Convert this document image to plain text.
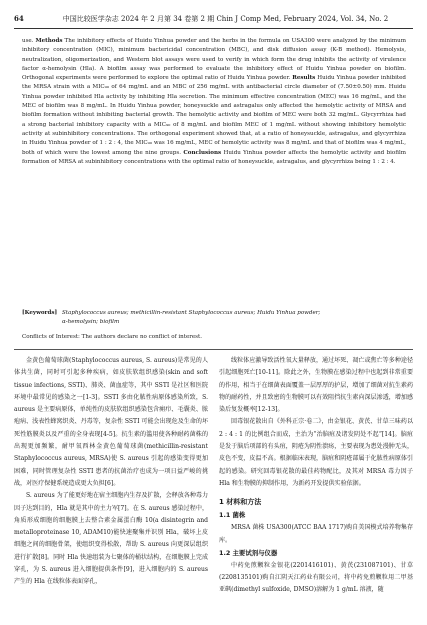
64	中国比较医学杂志 2024 年 2 月第 34 卷第 2 期 Chin J Comp Med, February 2024, Vol. 34, No. 2
use. Methods The inhibitory effects of Huidu Yinhua powder and the herbs in the formula on USA300 were analyzed by the minimum inhibitory concentration (MIC), minimum bactericidal concentration (MBC), and disk diffusion assay (K-B method). Hemolysis, neutralization, oligomerization, and Western blot assays were used to verify in which form the drug inhibits the activity of virulence factor α-hemolysin (Hla). A biofilm assay was performed to evaluate the inhibitory effect of Huidu Yinhua powder on biofilm. Orthogonal experiments were performed to explore the optimal ratio of Huidu Yinhua powder. Results Huidu Yinhua powder inhibited the MRSA strain with a MIC₉₀ of 64 mg/mL and an MBC of 256 mg/mL with antibacterial circle diameter of (7.50±0.50) mm. Huidu Yinhua powder inhibited Hla activity by inhibiting Hla secretion. The minimum effective concentration (MEC) was 16 mg/mL, and the MEC of biofilm was 8 mg/mL. In Huidu Yinhua powder, honeysuckle and astragalus only affected the hemolytic activity of MRSA and biofilm formation without inhibiting bacterial growth. The hemolytic activity and biofilm of MEC were both 32 mg/mL. Glycyrrhiza had a strong bacterial inhibitory capacity with a MIC₉₀ of 8 mg/mL and biofilm MEC of 1 mg/mL without showing inhibitory hemolytic activity at subinhibitory concentrations. The orthogonal experiment showed that, at a ratio of honeysuckle, astragalus, and glycyrrhiza in Huidu Yinhua powder of 1 : 2 : 4, the MIC₉₀ was 16 mg/mL, MEC of hemolytic activity was 8 mg/mL and that of biofilm was 4 mg/mL, both of which were the lowest among the nine groups. Conclusions Huidu Yinhua powder affects the hemolytic activity and biofilm formation of MRSA at subinhibitory concentrations with the optimal ratio of honeysuckle, astragalus, and glycyrrhiza being 1 : 2 : 4.
[Keywords] Staphylococcus aureus; methicillin-resistant Staphylococcus aureus; Huidu Yinhua powder;
α-hemolysin; biofilm
Conflicts of Interest: The authors declare no conflict of interest.

金黄色葡萄球菌(Staphylococcus aureus, S. aureus)是常见的人体共生菌，同时可引起多种疾病，如皮肤软组织感染(skin and soft tissue infections, SSTI)、肺炎、菌血症等，其中 SSTI 是社区和医院环境中最常见的感染之一[1-3]。SSTI 多由化脓性病原体感染所致，S. aureus 是主要病原体，单纯性的皮肤软组织感染包含痈疖、毛囊炎、脓疱病、浅表性蜂窝织炎、丹毒等，复杂性 SSTI 可能会出现危及生命的坏死性筋膜炎以及严重的全身表现[4-5]。抗生素的滥用使各种耐药菌株的出现更加频繁，耐甲氧西林金黄色葡萄球菌(methicillin-resistant Staphylococcus aureus, MRSA)使 S. aureus 引起的感染变得更加困难，同时管理复杂性 SSTI 患者的抗菌治疗也成为一项日益严峻的挑战，对医疗保健系统造成更大负担[6]。

S. aureus 为了能更好地在宿主细胞内生存及扩散，会释放各种毒力因子达到目的，Hla 就是其中的主力军[7]。在 S. aureus 感染过程中，角质形成细胞的细胞膜上去整合素金属蛋白酶 10(a disintegrin and metalloproteinase 10, ADAM10)能快速聚集并识别 Hla，破坏上皮细胞之间的细胞骨架，使组织变得松散，帮助 S. aureus 向更深层组织进行扩散[8]。同时 Hla 快速组装为七聚体的桶状结构，在细胞膜上完成穿孔，为 S. aureus 进入细胞提供条件[9]，进入细胞内的 S. aureus 产生的 Hla 在线粒体表面穿孔，

线粒体应激导致活性氧大量释放，通过坏死、凋亡或焦亡等多种途径引起细胞死亡[10-11]。除此之外，生物膜在感染过程中也起到非常重要的作用，相当于在细菌表面覆盖一层厚厚的护层，增加了细菌对抗生素药物的耐药性，并且致密的生物膜可以有效阻挡抗生素向深层渗透，增加感染后复发概率[12-13]。

回毒银花散出自《外科正宗·卷二》，由金银花、黄芪、甘草三味药以 2 : 4 : 1 的比例组合而成，主治为“治脑疽及诸发阴处不起”[14]。脑疽是发于脑后项部的有头疽，阴疮为阴性溃疡，主要表现为患处漫肿无头，皮色不变，皮温不高。根据临床表现，脑疽和阴疮部属于化脓性病原体引起的感染。研究回毒银花散的最佳药物配比，及其对 MRSA 毒力因子 Hla 和生物膜的抑制作用，为新药开发提供实验依据。

1 材料和方法
1.1 菌株

MRSA 菌株 USA300(ATCC BAA 1717)购自美国模式培养物集存库。

1.2 主要试剂与仪器

中药免煎颗粒金银花(2201416101)、黄芪(231087101)、甘草(2208135101)购自江阴天江药业有限公司，将中药免煎颗粒用二甲基亚砜(dimethyl sulfoxide, DMSO)溶解为 1 g/mL 溶液，随
